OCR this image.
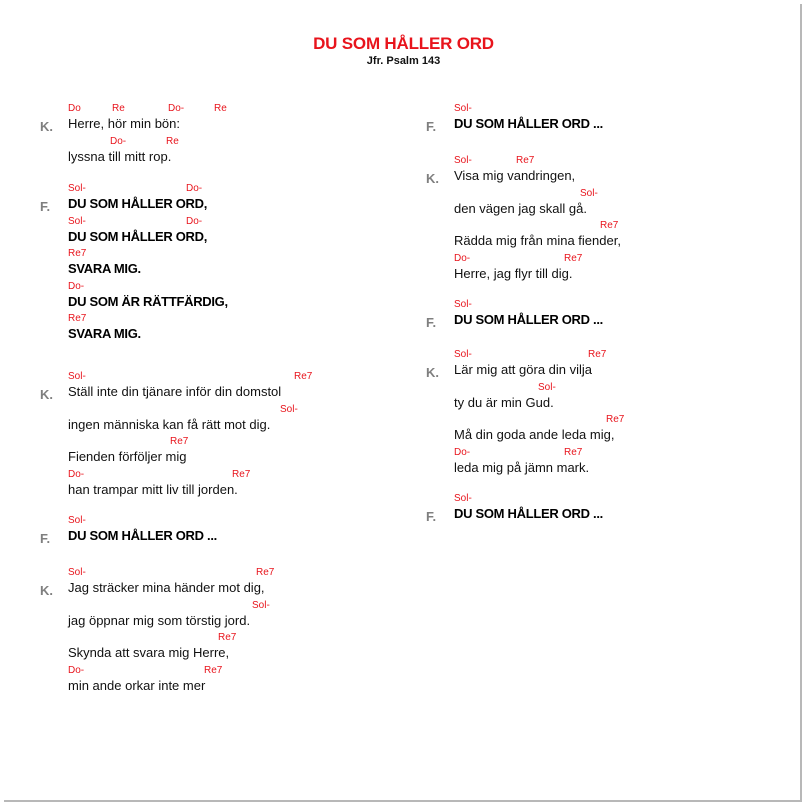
DU SOM HÅLLER ORD
Jfr. Psalm 143
K.
Do	Re	Do-	Re
Herre, hör min bön:
Do-	Re
lyssna till mitt rop.
F.
Sol-	Do-
DU SOM HÅLLER ORD,
Sol-	Do-
DU SOM HÅLLER ORD,
Re7
SVARA MIG.
Do-
DU SOM ÄR RÄTTFÄRDIG,
Re7
SVARA MIG.
K.
Sol-	Re7
Ställ inte din tjänare inför din domstol
Sol-
ingen människa kan få rätt mot dig.
Re7
Fienden förföljer mig
Do-	Re7
han trampar mitt liv till jorden.
F.
Sol-
DU SOM HÅLLER ORD ...
K.
Sol-	Re7
Jag sträcker mina händer mot dig,
Sol-
jag öppnar mig som törstig jord.
Re7
Skynda att svara mig Herre,
Do-	Re7
min ande orkar inte mer
F.
Sol-
DU SOM HÅLLER ORD ...
K.
Sol-	Re7
Visa mig vandringen,
Sol-
den vägen jag skall gå.
Re7
Rädda mig från mina fiender,
Do-	Re7
Herre, jag flyr till dig.
F.
Sol-
DU SOM HÅLLER ORD ...
K.
Sol-	Re7
Lär mig att göra din vilja
Sol-
ty du är min Gud.
Re7
Må din goda ande leda mig,
Do-	Re7
leda mig på jämn mark.
F.
Sol-
DU SOM HÅLLER ORD ...
